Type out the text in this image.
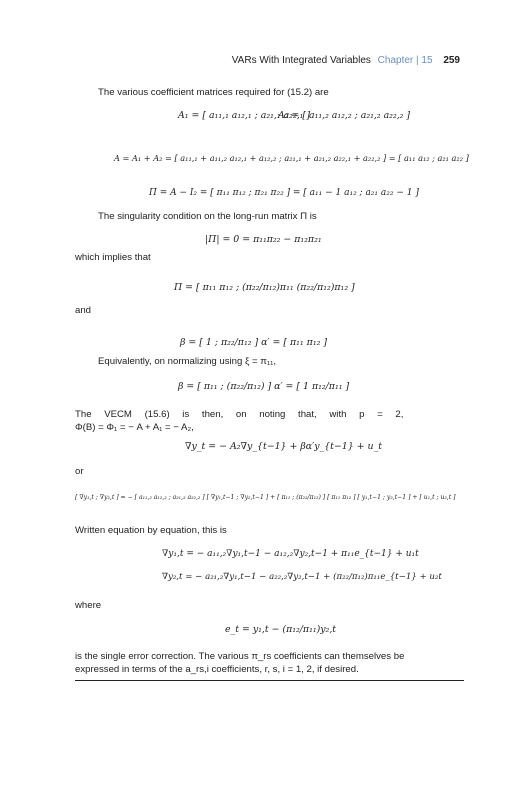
VARs With Integrated Variables Chapter | 15 259
The various coefficient matrices required for (15.2) are
A₁ = [ a₁₁,₁ a₁₂,₁ ; a₂₁,₁ a₂₂,₁ ]
A₂ = [ a₁₁,₂ a₁₂,₂ ; a₂₁,₂ a₂₂,₂ ]
A = A₁ + A₂ = [ a₁₁,₁ + a₁₁,₂ a₁₂,₁ + a₁₂,₂ ; a₂₁,₁ + a₂₁,₂ a₂₂,₁ + a₂₂,₂ ] = [ a₁₁ a₁₂ ; a₂₁ a₂₂ ]
Π = A − I₂ = [ π₁₁ π₁₂ ; π₂₁ π₂₂ ] = [ a₁₁ − 1 a₁₂ ; a₂₁ a₂₂ − 1 ]
The singularity condition on the long-run matrix Π is
|Π| = 0 = π₁₁π₂₂ − π₁₂π₂₁
which implies that
Π = [ π₁₁ π₁₂ ; (π₂₂/π₁₂)π₁₁ (π₂₂/π₁₂)π₁₂ ]
and
β = [ 1 ; π₂₂/π₁₂ ] α′ = [ π₁₁ π₁₂ ]
Equivalently, on normalizing using ξ = π₁₁,
β = [ π₁₁ ; (π₂₂/π₁₂) ] α′ = [ 1 π₁₂/π₁₁ ]
The VECM (15.6) is then, on noting that, with p = 2,
Φ(B) = Φ₁ = − A + A₁ = − A₂,
∇y_t = − A₂∇y_{t−1} + βα′y_{t−1} + u_t
or
[ ∇y₁,t ; ∇y₂,t ] = − [ a₁₁,₂ a₁₂,₂ ; a₂₁,₂ a₂₂,₂ ] [ ∇y₁,t−1 ; ∇y₂,t−1 ] + [ π₁₁ ; (π₂₂/π₁₂) ] [ π₁₁ π₁₂ ] [ y₁,t−1 ; y₂,t−1 ] + [ u₁,t ; u₂,t ]
Written equation by equation, this is
∇y₁,t = − a₁₁,₂∇y₁,t−1 − a₁₂,₂∇y₂,t−1 + π₁₁e_{t−1} + u₁t
∇y₂,t = − a₂₁,₂∇y₁,t−1 − a₂₂,₂∇y₂,t−1 + (π₂₂/π₁₂)π₁₁e_{t−1} + u₂t
where
e_t = y₁,t − (π₁₂/π₁₁)y₂,t
is the single error correction. The various π_rs coefficients can themselves be
expressed in terms of the a_rs,i coefficients, r, s, i = 1, 2, if desired.
